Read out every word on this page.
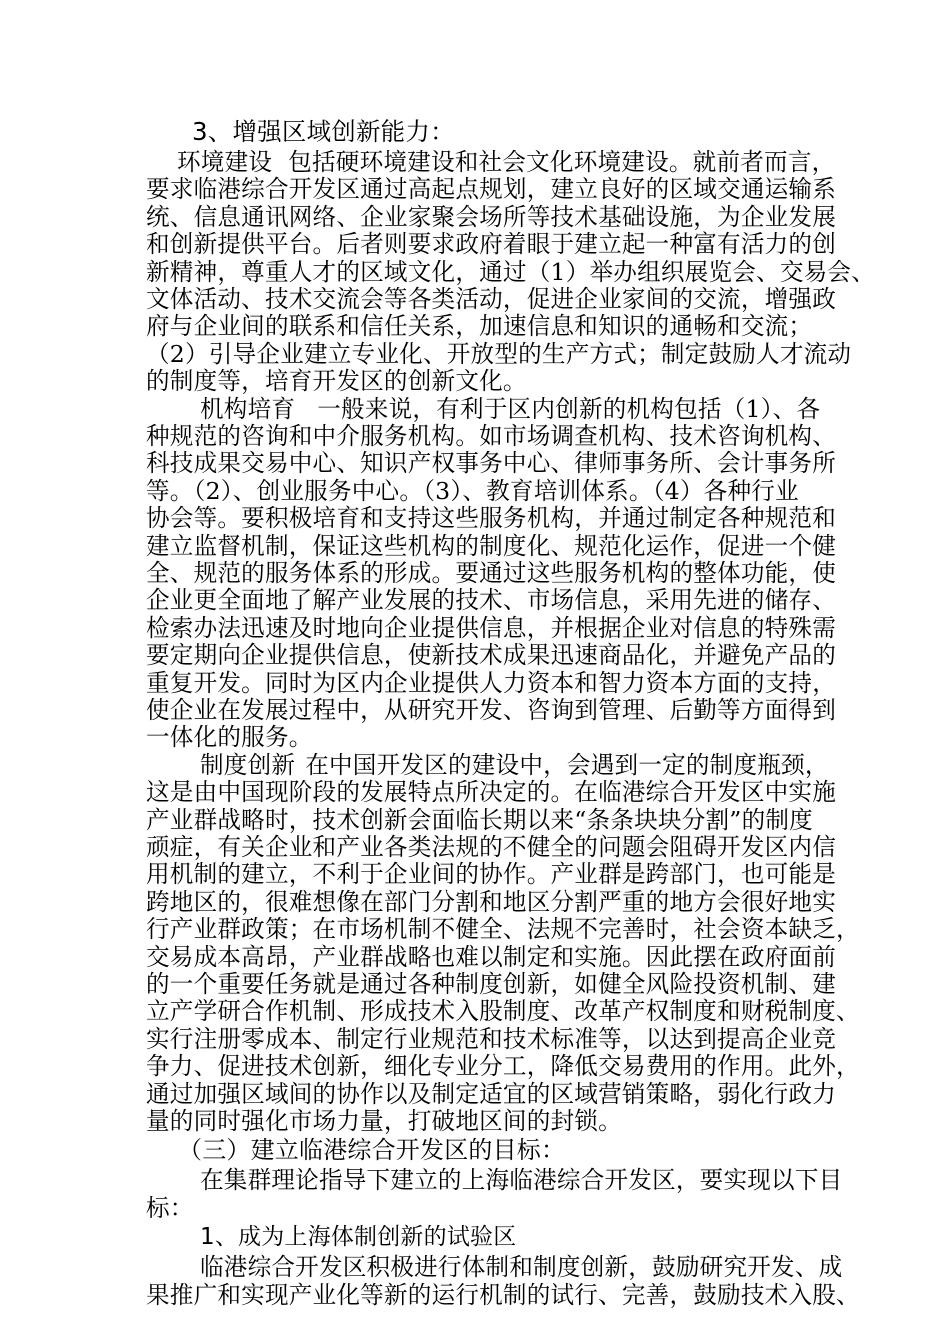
3、增强区域创新能力：
环境建设 包括硬环境建设和社会文化环境建设。就前者而言，
要求临港综合开发区通过高起点规划，建立良好的区域交通运输系
统、信息通讯网络、企业家聚会场所等技术基础设施，为企业发展
和创新提供平台。后者则要求政府着眼于建立起一种富有活力的创
新精神，尊重人才的区域文化，通过（1）举办组织展览会、交易会、
文体活动、技术交流会等各类活动，促进企业家间的交流，增强政
府与企业间的联系和信任关系，加速信息和知识的通畅和交流；
（2）引导企业建立专业化、开放型的生产方式；制定鼓励人才流动
的制度等，培育开发区的创新文化。
机构培育 一般来说，有利于区内创新的机构包括（1）、各
种规范的咨询和中介服务机构。如市场调查机构、技术咨询机构、
科技成果交易中心、知识产权事务中心、律师事务所、会计事务所
等。（2）、创业服务中心。（3）、教育培训体系。（4）各种行业
协会等。要积极培育和支持这些服务机构，并通过制定各种规范和
建立监督机制，保证这些机构的制度化、规范化运作，促进一个健
全、规范的服务体系的形成。要通过这些服务机构的整体功能，使
企业更全面地了解产业发展的技术、市场信息，采用先进的储存、
检索办法迅速及时地向企业提供信息，并根据企业对信息的特殊需
要定期向企业提供信息，使新技术成果迅速商品化，并避免产品的
重复开发。同时为区内企业提供人力资本和智力资本方面的支持，
使企业在发展过程中，从研究开发、咨询到管理、后勤等方面得到
一体化的服务。
制度创新 在中国开发区的建设中，会遇到一定的制度瓶颈，
这是由中国现阶段的发展特点所决定的。在临港综合开发区中实施
产业群战略时，技术创新会面临长期以来“条条块块分割”的制度
顽症，有关企业和产业各类法规的不健全的问题会阻碍开发区内信
用机制的建立，不利于企业间的协作。产业群是跨部门，也可能是
跨地区的，很难想像在部门分割和地区分割严重的地方会很好地实
行产业群政策；在市场机制不健全、法规不完善时，社会资本缺乏，
交易成本高昂，产业群战略也难以制定和实施。因此摆在政府面前
的一个重要任务就是通过各种制度创新，如健全风险投资机制、建
立产学研合作机制、形成技术入股制度、改革产权制度和财税制度、
实行注册零成本、制定行业规范和技术标准等，以达到提高企业竞
争力、促进技术创新，细化专业分工，降低交易费用的作用。此外，
通过加强区域间的协作以及制定适宜的区域营销策略，弱化行政力
量的同时强化市场力量，打破地区间的封锁。
（三）建立临港综合开发区的目标：
在集群理论指导下建立的上海临港综合开发区，要实现以下目
标：
1、成为上海体制创新的试验区
临港综合开发区积极进行体制和制度创新，鼓励研究开发、成
果推广和实现产业化等新的运行机制的试行、完善，鼓励技术入股、
